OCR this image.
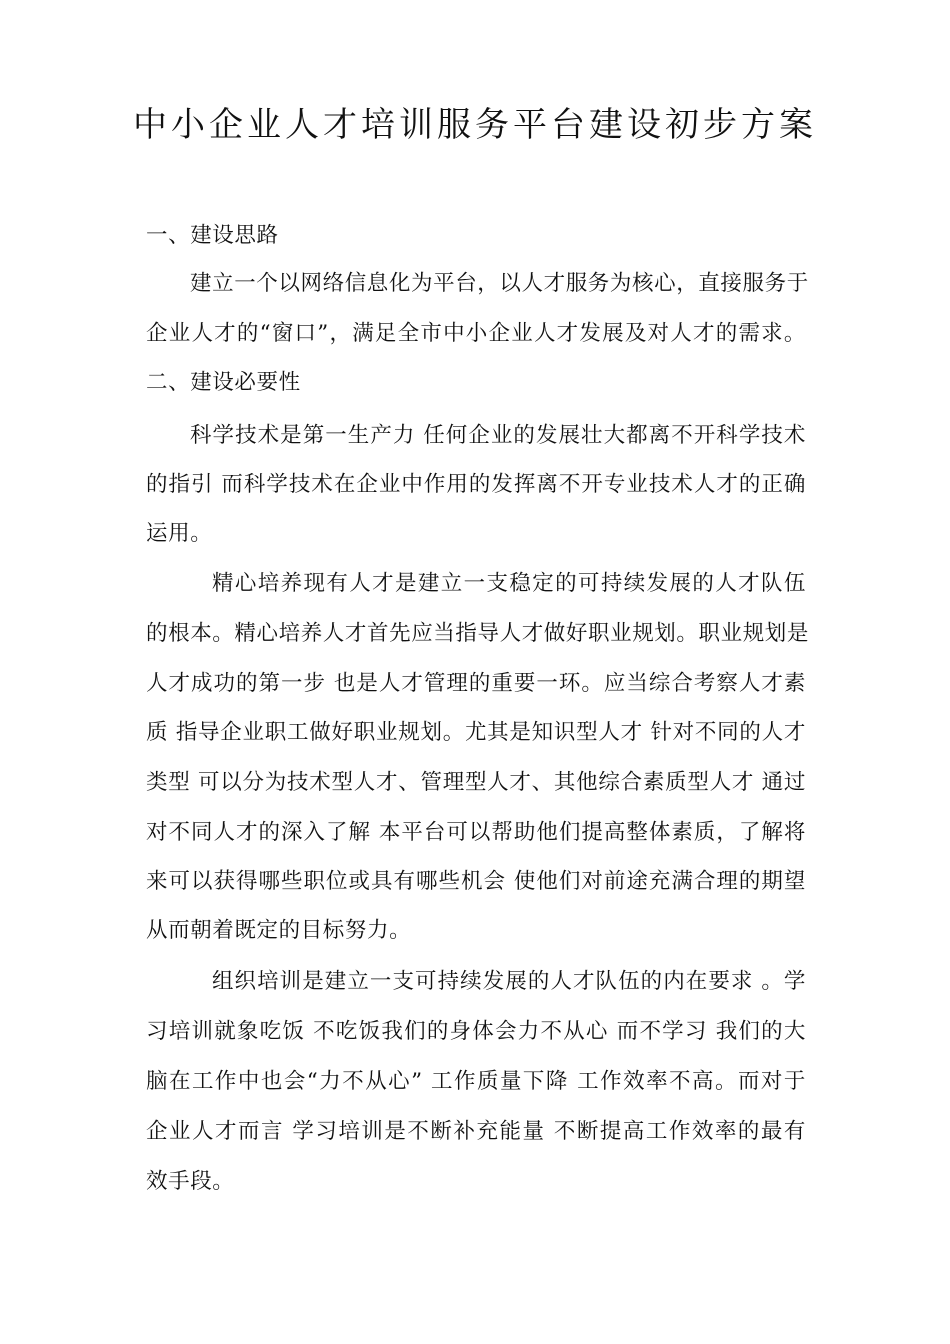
中小企业人才培训服务平台建设初步方案
一、建设思路
建立一个以网络信息化为平台，以人才服务为核心，直接服务于
企业人才的“窗口”，满足全市中小企业人才发展及对人才的需求。
二、建设必要性
科学技术是第一生产力 任何企业的发展壮大都离不开科学技术
的指引 而科学技术在企业中作用的发挥离不开专业技术人才的正确
运用。
精心培养现有人才是建立一支稳定的可持续发展的人才队伍
的根本。精心培养人才首先应当指导人才做好职业规划。职业规划是
人才成功的第一步 也是人才管理的重要一环。应当综合考察人才素
质 指导企业职工做好职业规划。尤其是知识型人才 针对不同的人才
类型 可以分为技术型人才、管理型人才、其他综合素质型人才 通过
对不同人才的深入了解 本平台可以帮助他们提高整体素质，了解将
来可以获得哪些职位或具有哪些机会 使他们对前途充满合理的期望
从而朝着既定的目标努力。
组织培训是建立一支可持续发展的人才队伍的内在要求 。学
习培训就象吃饭 不吃饭我们的身体会力不从心 而不学习 我们的大
脑在工作中也会“力不从心” 工作质量下降 工作效率不高。而对于
企业人才而言 学习培训是不断补充能量 不断提高工作效率的最有
效手段。
